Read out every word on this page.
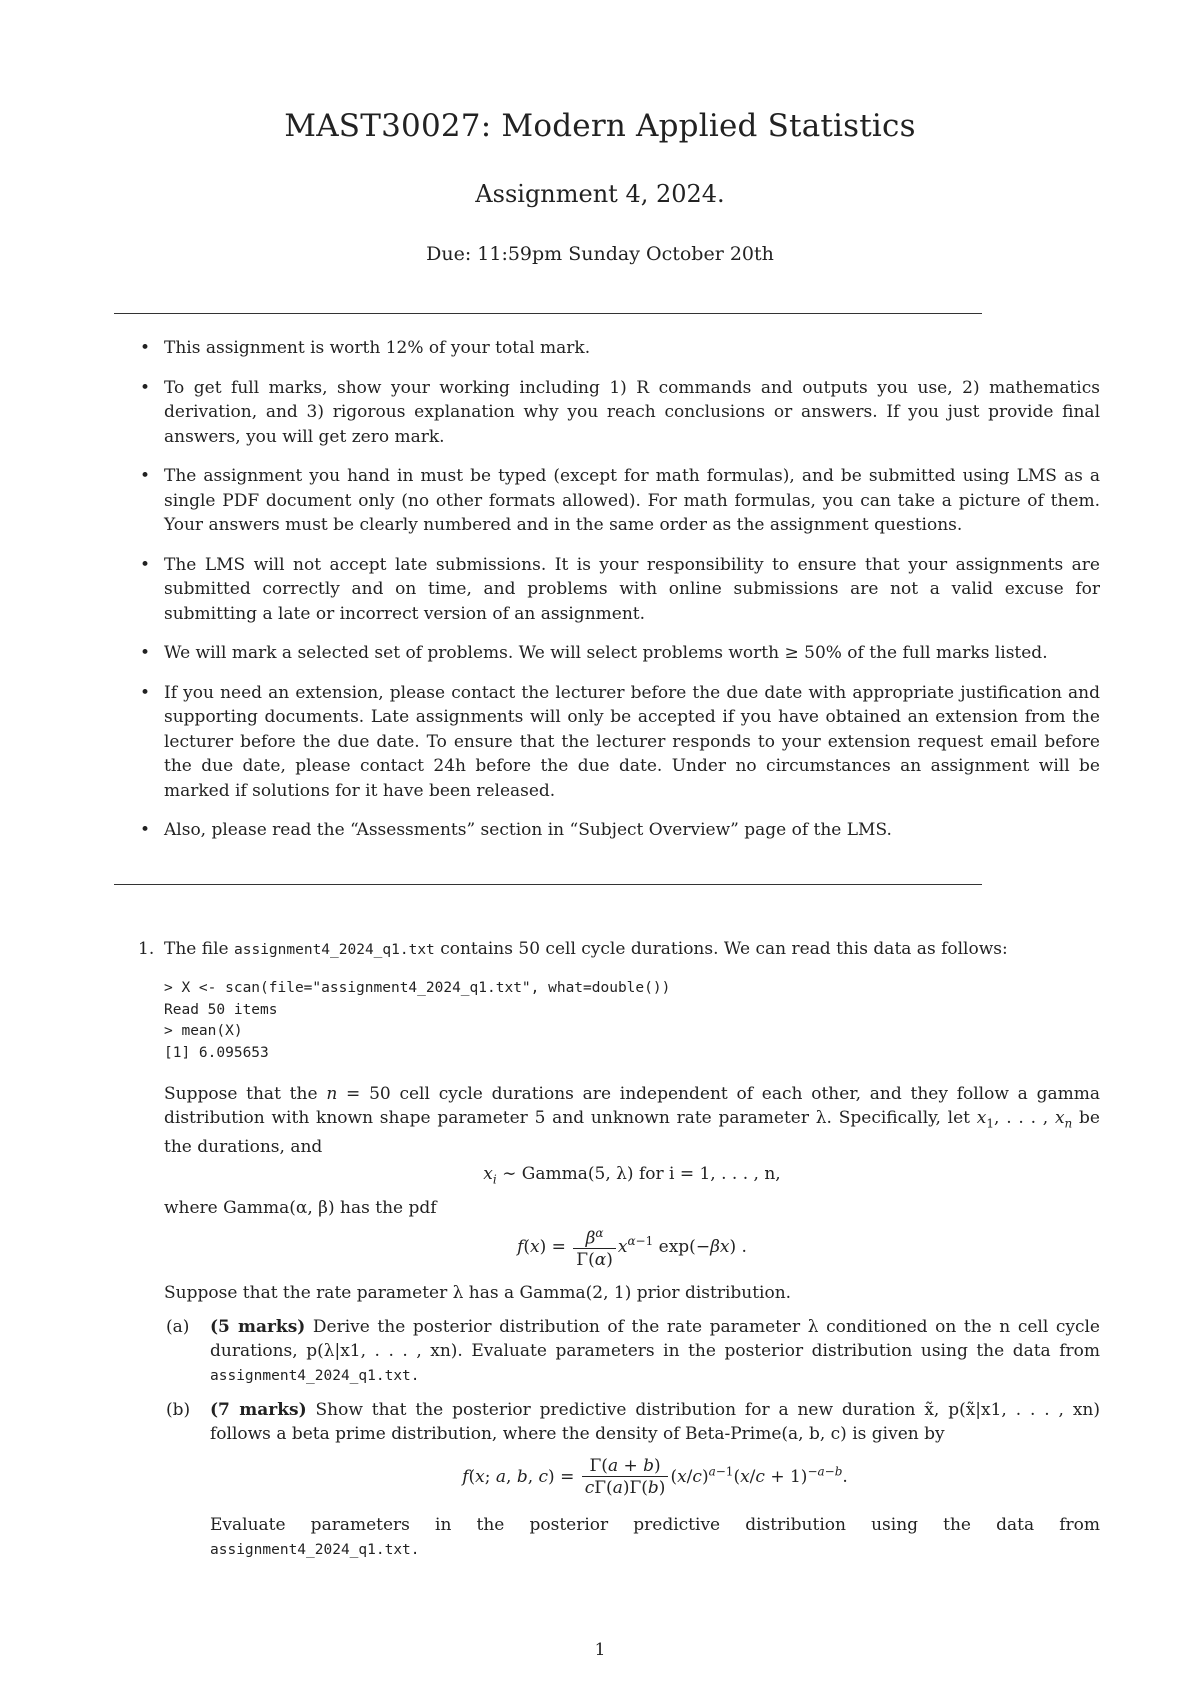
MAST30027: Modern Applied Statistics
Assignment 4, 2024.
Due: 11:59pm Sunday October 20th
• This assignment is worth 12% of your total mark.
• To get full marks, show your working including 1) R commands and outputs you use, 2) mathematics derivation, and 3) rigorous explanation why you reach conclusions or answers. If you just provide final answers, you will get zero mark.
• The assignment you hand in must be typed (except for math formulas), and be submitted using LMS as a single PDF document only (no other formats allowed). For math formulas, you can take a picture of them. Your answers must be clearly numbered and in the same order as the assignment questions.
• The LMS will not accept late submissions. It is your responsibility to ensure that your assignments are submitted correctly and on time, and problems with online submissions are not a valid excuse for submitting a late or incorrect version of an assignment.
• We will mark a selected set of problems. We will select problems worth ≥ 50% of the full marks listed.
• If you need an extension, please contact the lecturer before the due date with appropriate justification and supporting documents. Late assignments will only be accepted if you have obtained an extension from the lecturer before the due date. To ensure that the lecturer responds to your extension request email before the due date, please contact 24h before the due date. Under no circumstances an assignment will be marked if solutions for it have been released.
• Also, please read the “Assessments” section in “Subject Overview” page of the LMS.
1. The file assignment4_2024_q1.txt contains 50 cell cycle durations. We can read this data as follows:

> X <- scan(file="assignment4_2024_q1.txt", what=double())
Read 50 items
> mean(X)
[1] 6.095653

Suppose that the n = 50 cell cycle durations are independent of each other, and they follow a gamma distribution with known shape parameter 5 and unknown rate parameter λ. Specifically, let $x_1$, . . . , $x_n$ be the durations, and

$x_i$ ∼ Gamma(5, λ) for i = 1, . . . , n,

where Gamma(α, β) has the pdf

$f(x) = \frac{\beta^\alpha}{\Gamma(\alpha)} x^{\alpha-1}$ exp(−βx) .

Suppose that the rate parameter λ has a Gamma(2, 1) prior distribution.

(a) (5 marks) Derive the posterior distribution of the rate parameter λ conditioned on the n cell cycle durations, p(λ|x1, . . . , xn). Evaluate parameters in the posterior distribution using the data from assignment4_2024_q1.txt.
(b) (7 marks) Show that the posterior predictive distribution for a new duration x̃, p(x̃|x1, . . . , xn) follows a beta prime distribution, where the density of Beta-Prime(a, b, c) is given by
f(x; a, b, $c) = \frac{\Gamma(a + b)}{c\Gamma(a)\Gamma(b)} (x/c)^{a-1}(x/c + 1)^{-a-b}$.

Evaluate parameters in the posterior predictive distribution using the data from assignment4_2024_q1.txt.

1
